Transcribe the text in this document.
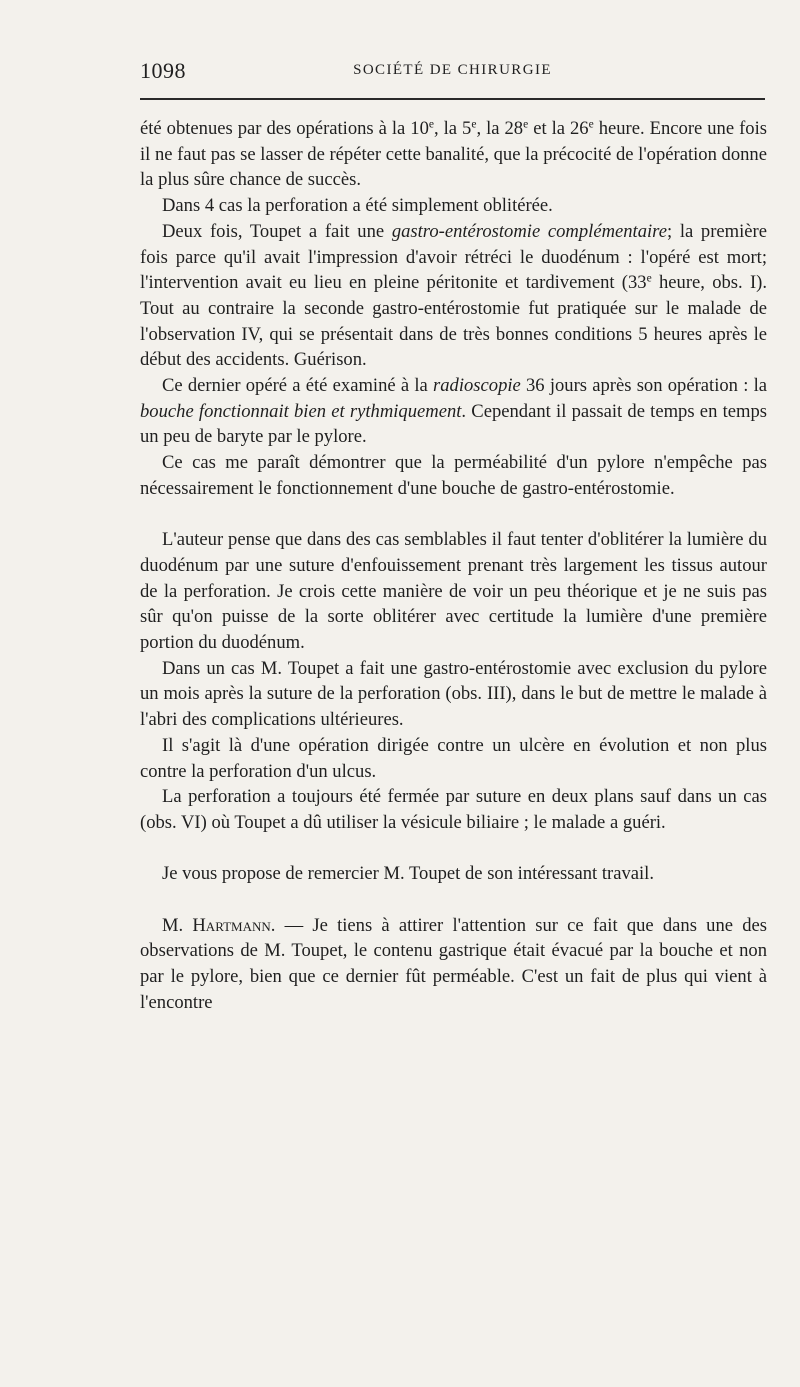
1098	SOCIÉTÉ DE CHIRURGIE

été obtenues par des opérations à la 10e, la 5e, la 28e et la 26e heure. Encore une fois il ne faut pas se lasser de répéter cette banalité, que la précocité de l'opération donne la plus sûre chance de succès.

Dans 4 cas la perforation a été simplement oblitérée.

Deux fois, Toupet a fait une gastro-entérostomie complémentaire; la première fois parce qu'il avait l'impression d'avoir rétréci le duodénum : l'opéré est mort; l'intervention avait eu lieu en pleine péritonite et tardivement (33e heure, obs. I). Tout au contraire la seconde gastro-entérostomie fut pratiquée sur le malade de l'observation IV, qui se présentait dans de très bonnes conditions 5 heures après le début des accidents. Guérison.

Ce dernier opéré a été examiné à la radioscopie 36 jours après son opération : la bouche fonctionnait bien et rythmiquement. Cependant il passait de temps en temps un peu de baryte par le pylore.

Ce cas me paraît démontrer que la perméabilité d'un pylore n'empêche pas nécessairement le fonctionnement d'une bouche de gastro-entérostomie.

L'auteur pense que dans des cas semblables il faut tenter d'oblitérer la lumière du duodénum par une suture d'enfouissement prenant très largement les tissus autour de la perforation. Je crois cette manière de voir un peu théorique et je ne suis pas sûr qu'on puisse de la sorte oblitérer avec certitude la lumière d'une première portion du duodénum.

Dans un cas M. Toupet a fait une gastro-entérostomie avec exclusion du pylore un mois après la suture de la perforation (obs. III), dans le but de mettre le malade à l'abri des complications ultérieures.

Il s'agit là d'une opération dirigée contre un ulcère en évolution et non plus contre la perforation d'un ulcus.

La perforation a toujours été fermée par suture en deux plans sauf dans un cas (obs. VI) où Toupet a dû utiliser la vésicule biliaire ; le malade a guéri.

Je vous propose de remercier M. Toupet de son intéressant travail.

M. Hartmann. — Je tiens à attirer l'attention sur ce fait que dans une des observations de M. Toupet, le contenu gastrique était évacué par la bouche et non par le pylore, bien que ce dernier fût perméable. C'est un fait de plus qui vient à l'encontre
